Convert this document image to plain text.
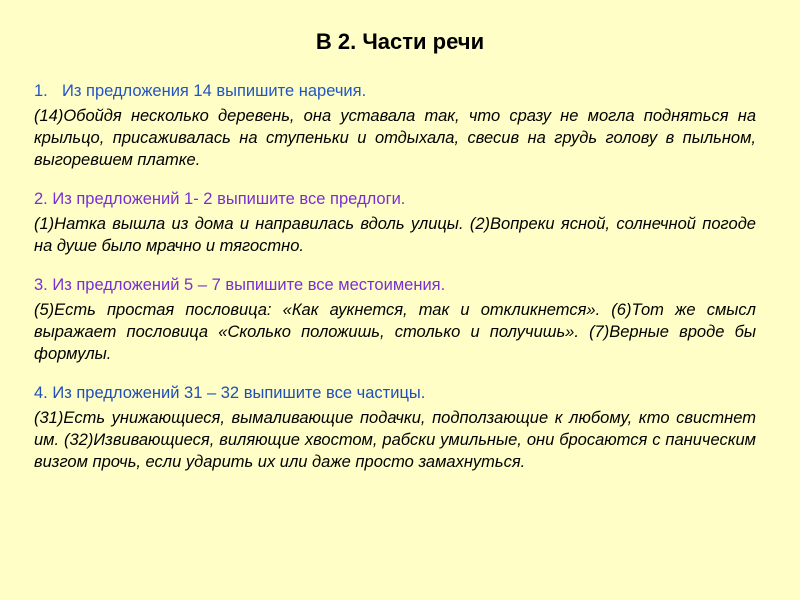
В 2. Части речи

1. Из предложения 14 выпишите наречия.

(14)Обойдя несколько деревень, она уставала так, что сразу не могла подняться на крыльцо, присаживалась на ступеньки и отдыхала, свесив на грудь голову в пыльном, выгоревшем платке.

2. Из предложений 1- 2 выпишите все предлоги.

(1)Натка вышла из дома и направилась вдоль улицы. (2)Вопреки ясной, солнечной погоде на душе было мрачно и тягостно.

3. Из предложений 5 – 7 выпишите все местоимения.

(5)Есть простая пословица: «Как аукнется, так и откликнется». (6)Тот же смысл выражает пословица «Сколько положишь, столько и получишь». (7)Верные вроде бы формулы.

4. Из предложений 31 – 32 выпишите все частицы.

(31)Есть унижающиеся, вымаливающие подачки, подползающие к любому, кто свистнет им. (32)Извивающиеся, виляющие хвостом, рабски умильные, они бросаются с паническим визгом прочь, если ударить их или даже просто замахнуться.
